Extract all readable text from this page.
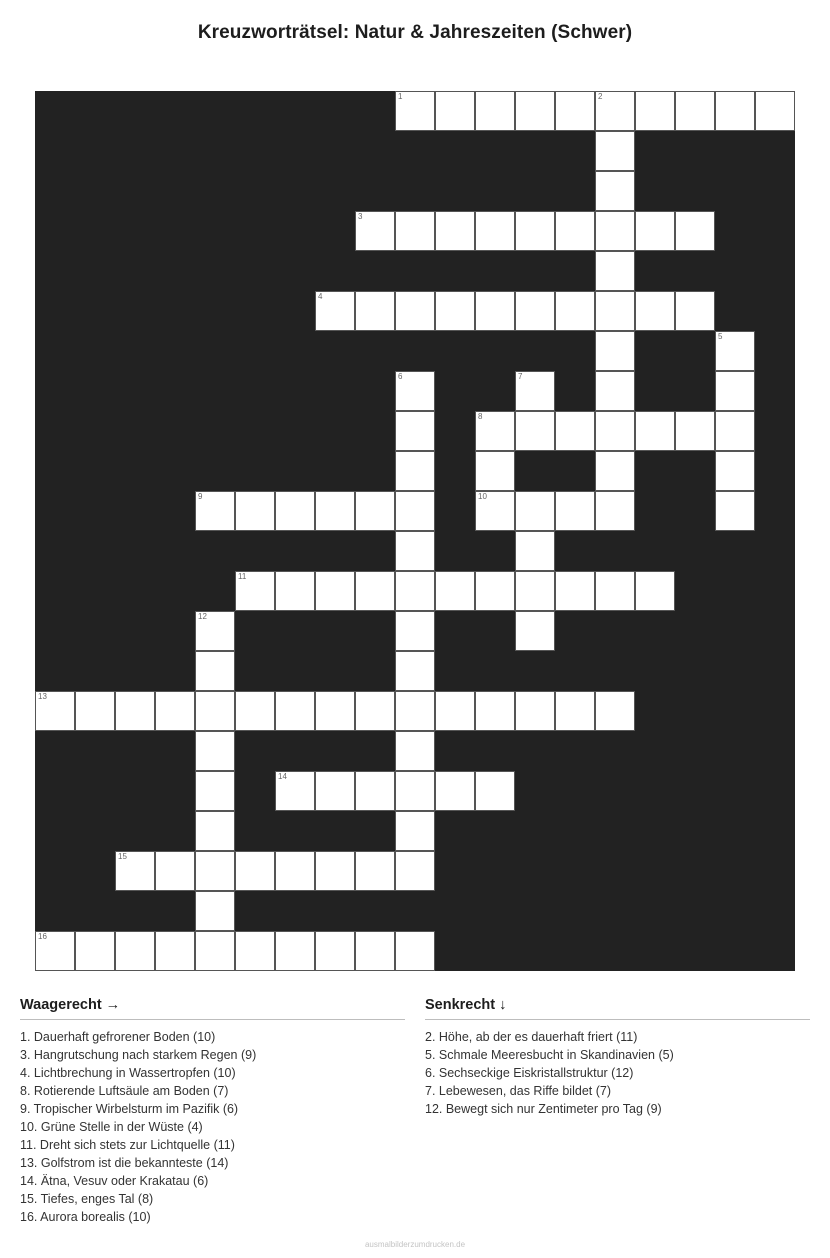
Kreuzworträtsel: Natur & Jahreszeiten (Schwer)
1	2
3
4
5
6	7
8
9	10
11
12
13
14
15
16
Waagerecht →
1. Dauerhaft gefrorener Boden (10)
3. Hangrutschung nach starkem Regen (9)
4. Lichtbrechung in Wassertropfen (10)
8. Rotierende Luftsäule am Boden (7)
9. Tropischer Wirbelsturm im Pazifik (6)
10. Grüne Stelle in der Wüste (4)
11. Dreht sich stets zur Lichtquelle (11)
13. Golfstrom ist die bekannteste (14)
14. Ätna, Vesuv oder Krakatau (6)
15. Tiefes, enges Tal (8)
16. Aurora borealis (10)
Senkrecht ↓
2. Höhe, ab der es dauerhaft friert (11)
5. Schmale Meeresbucht in Skandinavien (5)
6. Sechseckige Eiskristallstruktur (12)
7. Lebewesen, das Riffe bildet (7)
12. Bewegt sich nur Zentimeter pro Tag (9)
ausmalbilderzumdrucken.de
